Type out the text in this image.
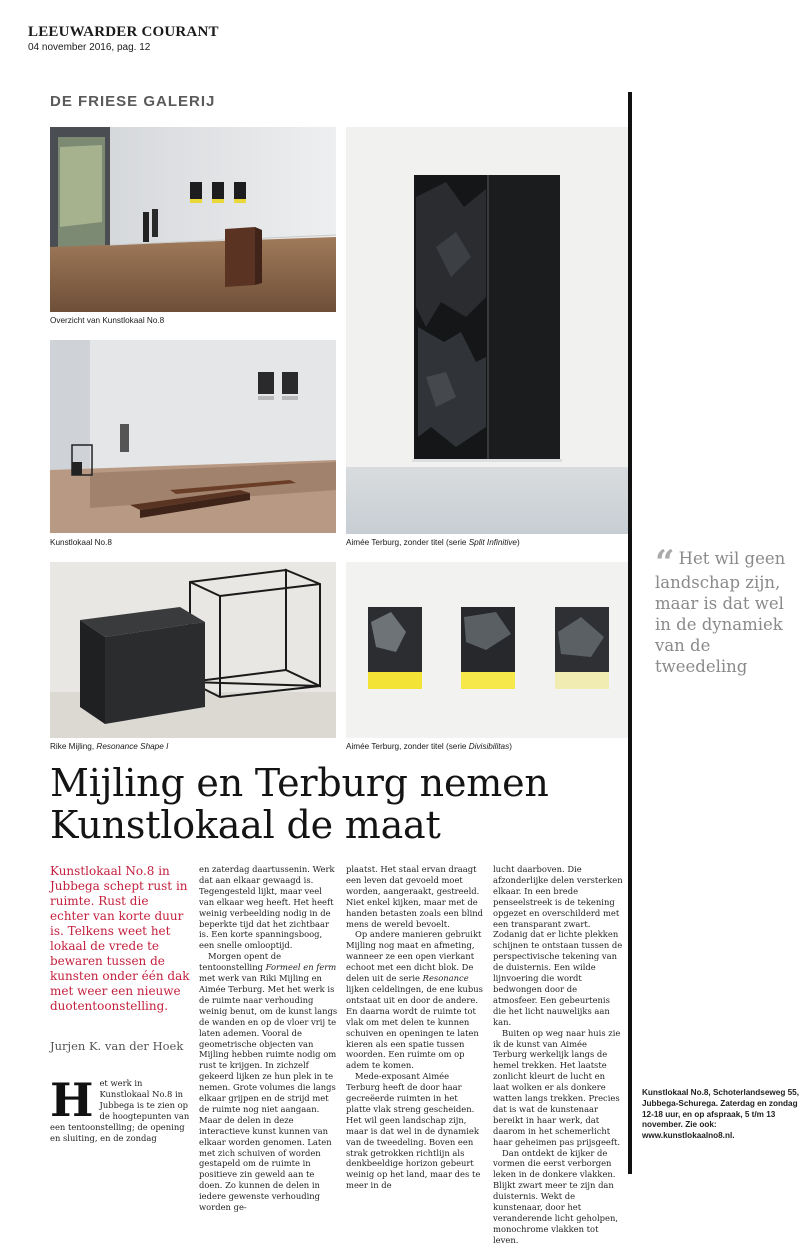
LEEUWARDER COURANT
04 november 2016, pag. 12
DE FRIESE GALERIJ
Overzicht van Kunstlokaal No.8
Kunstlokaal No.8	Aimée Terburg, zonder titel (serie Split Infinitive)
Rike Mijling, Resonance Shape I	Aimée Terburg, zonder titel (serie Divisibilitas)
“ Het wil geen landschap zijn, maar is dat wel in de dynamiek van de tweedeling
Mijling en Terburg nemen
Kunstlokaal de maat
Kunstlokaal No.8 in Jubbega schept rust in ruimte. Rust die echter van korte duur is. Telkens weet het lokaal de vrede te bewaren tussen de kunsten onder één dak met weer een nieuwe duotentoonstelling.
Jurjen K. van der Hoek
Het werk in Kunstlokaal No.8 in Jubbega is te zien op de hoogtepunten van een tentoonstelling; de opening en sluiting, en de zondag

en zaterdag daartussenin. Werk dat aan elkaar gewaagd is. Tegengesteld lijkt, maar veel van elkaar weg heeft. Het heeft weinig verbeelding nodig in de beperkte tijd dat het zichtbaar is. Een korte spanningsboog, een snelle omlooptijd.

Morgen opent de tentoonstelling Formeel en ferm met werk van Riki Mijling en Aimée Terburg. Met het werk is de ruimte naar verhouding weinig benut, om de kunst langs de wanden en op de vloer vrij te laten ademen. Vooral de geometrische objecten van Mijling hebben ruimte nodig om rust te krijgen. In zichzelf gekeerd lijken ze hun plek in te nemen. Grote volumes die langs elkaar grijpen en de strijd met de ruimte nog niet aangaan. Maar de delen in deze interactieve kunst kunnen van elkaar worden genomen. Laten met zich schuiven of worden gestapeld om de ruimte in positieve zin geweld aan te doen. Zo kunnen de delen in iedere gewenste verhouding worden ge-

plaatst. Het staal ervan draagt een leven dat gevoeld moet worden, aangeraakt, gestreeld. Niet enkel kijken, maar met de handen betasten zoals een blind mens de wereld bevoelt.

Op andere manieren gebruikt Mijling nog maat en afmeting, wanneer ze een open vierkant echoot met een dicht blok. De delen uit de serie Resonance lijken celdelingen, de ene kubus ontstaat uit en door de andere. En daarna wordt de ruimte tot vlak om met delen te kunnen schuiven en openingen te laten kieren als een spatie tussen woorden. Een ruimte om op adem te komen.

Mede-exposant Aimée Terburg heeft de door haar gecreëerde ruimten in het platte vlak streng gescheiden. Het wil geen landschap zijn, maar is dat wel in de dynamiek van de tweedeling. Boven een strak getrokken richtlijn als denkbeeldige horizon gebeurt weinig op het land, maar des te meer in de

lucht daarboven. Die afzonderlijke delen versterken elkaar. In een brede penseelstreek is de tekening opgezet en overschilderd met een transparant zwart. Zodanig dat er lichte plekken schijnen te ontstaan tussen de perspectivische tekening van de duisternis. Een wilde lijnvoering die wordt bedwongen door de atmosfeer. Een gebeurtenis die het licht nauwelijks aan kan.

Buiten op weg naar huis zie ik de kunst van Aimée Terburg werkelijk langs de hemel trekken. Het laatste zonlicht kleurt de lucht en laat wolken er als donkere watten langs trekken. Precies dat is wat de kunstenaar bereikt in haar werk, dat daarom in het schemerlicht haar geheimen pas prijsgeeft.

Dan ontdekt de kijker de vormen die eerst verborgen leken in de donkere vlakken. Blijkt zwart meer te zijn dan duisternis. Wekt de kunstenaar, door het veranderende licht geholpen, monochrome vlakken tot leven.

Kunstlokaal No.8, Schoterlandseweg 55, Jubbega-Schurega. Zaterdag en zondag 12-18 uur, en op afspraak, 5 t/m 13 november. Zie ook: www.kunstlokaalno8.nl.
